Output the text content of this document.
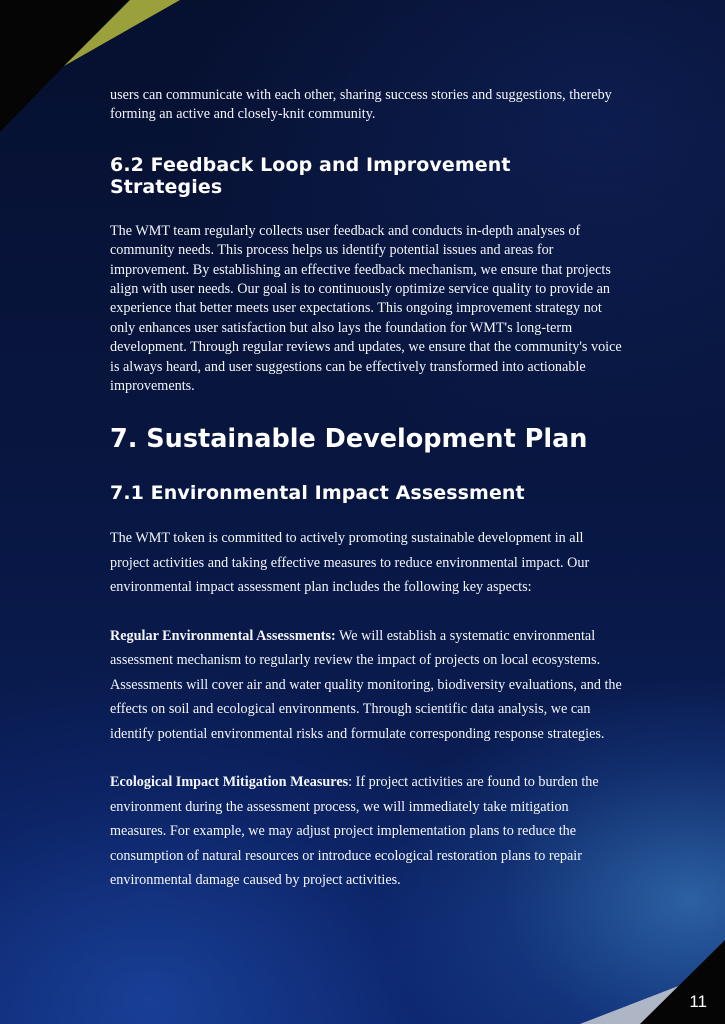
users can communicate with each other, sharing success stories and suggestions, thereby forming an active and closely-knit community.

6.2 Feedback Loop and Improvement Strategies

The WMT team regularly collects user feedback and conducts in-depth analyses of community needs. This process helps us identify potential issues and areas for improvement. By establishing an effective feedback mechanism, we ensure that projects align with user needs. Our goal is to continuously optimize service quality to provide an experience that better meets user expectations. This ongoing improvement strategy not only enhances user satisfaction but also lays the foundation for WMT's long-term development. Through regular reviews and updates, we ensure that the community's voice is always heard, and user suggestions can be effectively transformed into actionable improvements.

7. Sustainable Development Plan
7.1 Environmental Impact Assessment

The WMT token is committed to actively promoting sustainable development in all project activities and taking effective measures to reduce environmental impact. Our environmental impact assessment plan includes the following key aspects:

Regular Environmental Assessments: We will establish a systematic environmental assessment mechanism to regularly review the impact of projects on local ecosystems. Assessments will cover air and water quality monitoring, biodiversity evaluations, and the effects on soil and ecological environments. Through scientific data analysis, we can identify potential environmental risks and formulate corresponding response strategies.

Ecological Impact Mitigation Measures: If project activities are found to burden the environment during the assessment process, we will immediately take mitigation measures. For example, we may adjust project implementation plans to reduce the consumption of natural resources or introduce ecological restoration plans to repair environmental damage caused by project activities.

11
